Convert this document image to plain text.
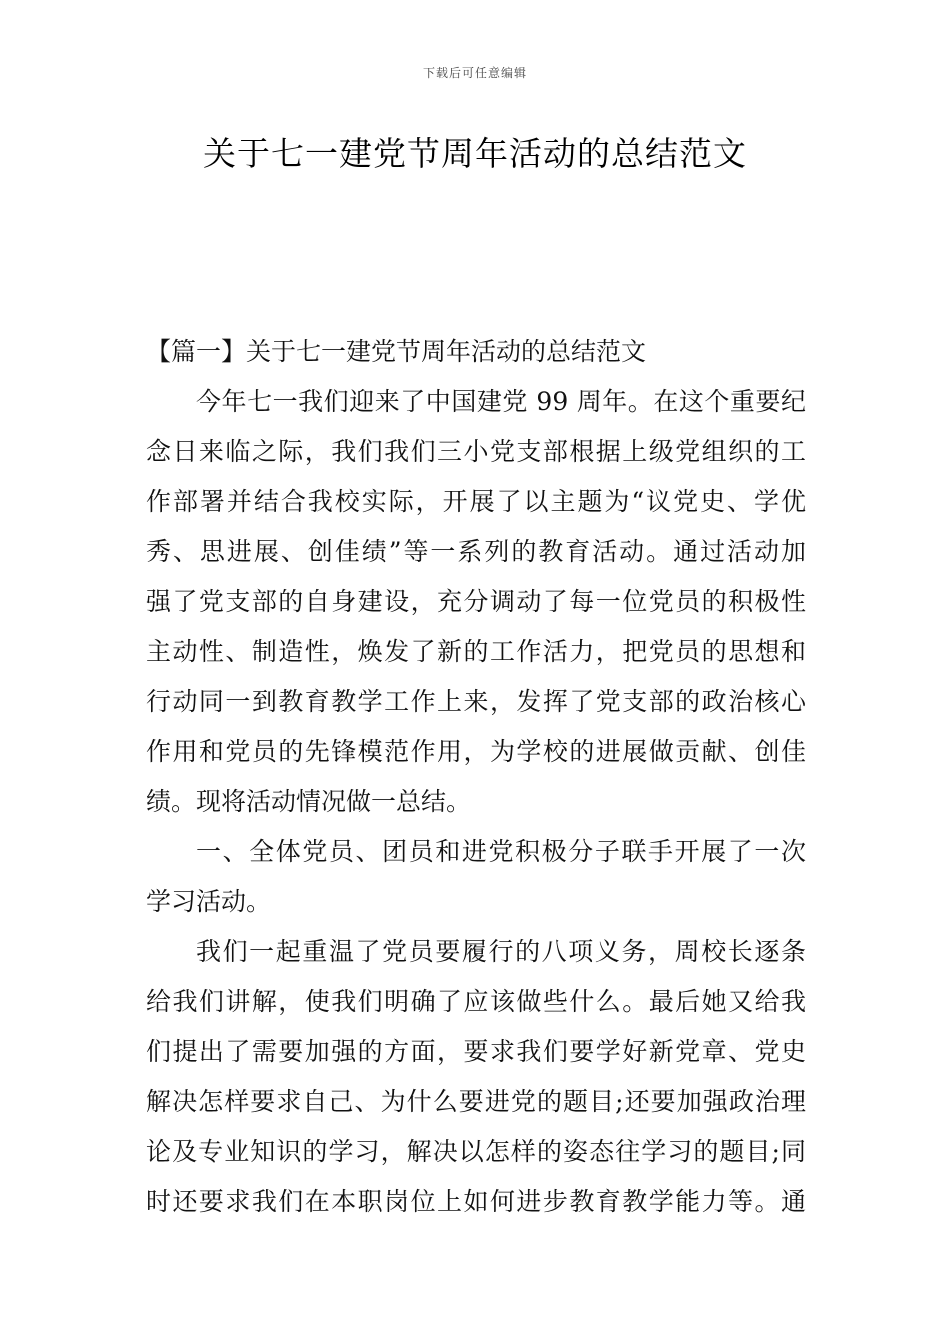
下载后可任意编辑
关于七一建党节周年活动的总结范文
【篇一】关于七一建党节周年活动的总结范文
今年七一我们迎来了中国建党 99 周年。在这个重要纪
念日来临之际，我们我们三小党支部根据上级党组织的工
作部署并结合我校实际，开展了以主题为“议党史、学优
秀、思进展、创佳绩”等一系列的教育活动。通过活动加
强了党支部的自身建设，充分调动了每一位党员的积极性
主动性、制造性，焕发了新的工作活力，把党员的思想和
行动同一到教育教学工作上来，发挥了党支部的政治核心
作用和党员的先锋模范作用，为学校的进展做贡献、创佳
绩。现将活动情况做一总结。
一、全体党员、团员和进党积极分子联手开展了一次
学习活动。
我们一起重温了党员要履行的八项义务，周校长逐条
给我们讲解，使我们明确了应该做些什么。最后她又给我
们提出了需要加强的方面，要求我们要学好新党章、党史
解决怎样要求自己、为什么要进党的题目;还要加强政治理
论及专业知识的学习，解决以怎样的姿态往学习的题目;同
时还要求我们在本职岗位上如何进步教育教学能力等。通
